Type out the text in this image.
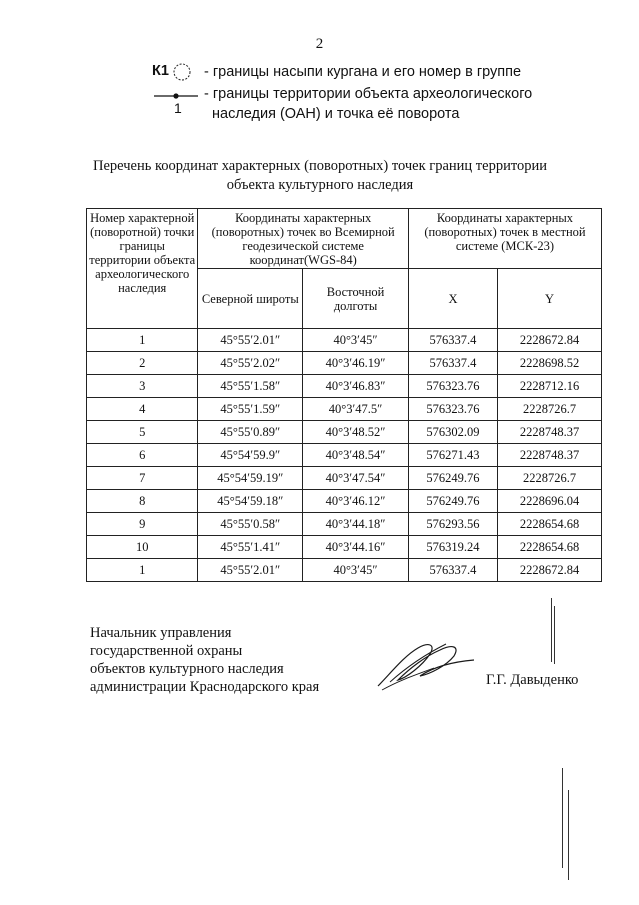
2
К1 - границы насыпи кургана и его номер в группе
1
- границы территории объекта археологического
наследия (ОАН) и точка её поворота
Перечень координат характерных (поворотных) точек границ территории
объекта культурного наследия
Номер характерной (поворотной) точки границы территории объекта археологического наследия	Координаты характерных (поворотных) точек во Всемирной геодезической системе координат(WGS-84)		Координаты характерных (поворотных) точек в местной системе (МСК-23)	
	Северной широты	Восточной долготы	X	Y
1	45°55′2.01″	40°3′45″	576337.4	2228672.84
2	45°55′2.02″	40°3′46.19″	576337.4	2228698.52
3	45°55′1.58″	40°3′46.83″	576323.76	2228712.16
4	45°55′1.59″	40°3′47.5″	576323.76	2228726.7
5	45°55′0.89″	40°3′48.52″	576302.09	2228748.37
6	45°54′59.9″	40°3′48.54″	576271.43	2228748.37
7	45°54′59.19″	40°3′47.54″	576249.76	2228726.7
8	45°54′59.18″	40°3′46.12″	576249.76	2228696.04
9	45°55′0.58″	40°3′44.18″	576293.56	2228654.68
10	45°55′1.41″	40°3′44.16″	576319.24	2228654.68
1	45°55′2.01″	40°3′45″	576337.4	2228672.84
Начальник управления
государственной охраны
объектов культурного наследия
администрации Краснодарского края	Г.Г. Давыденко
